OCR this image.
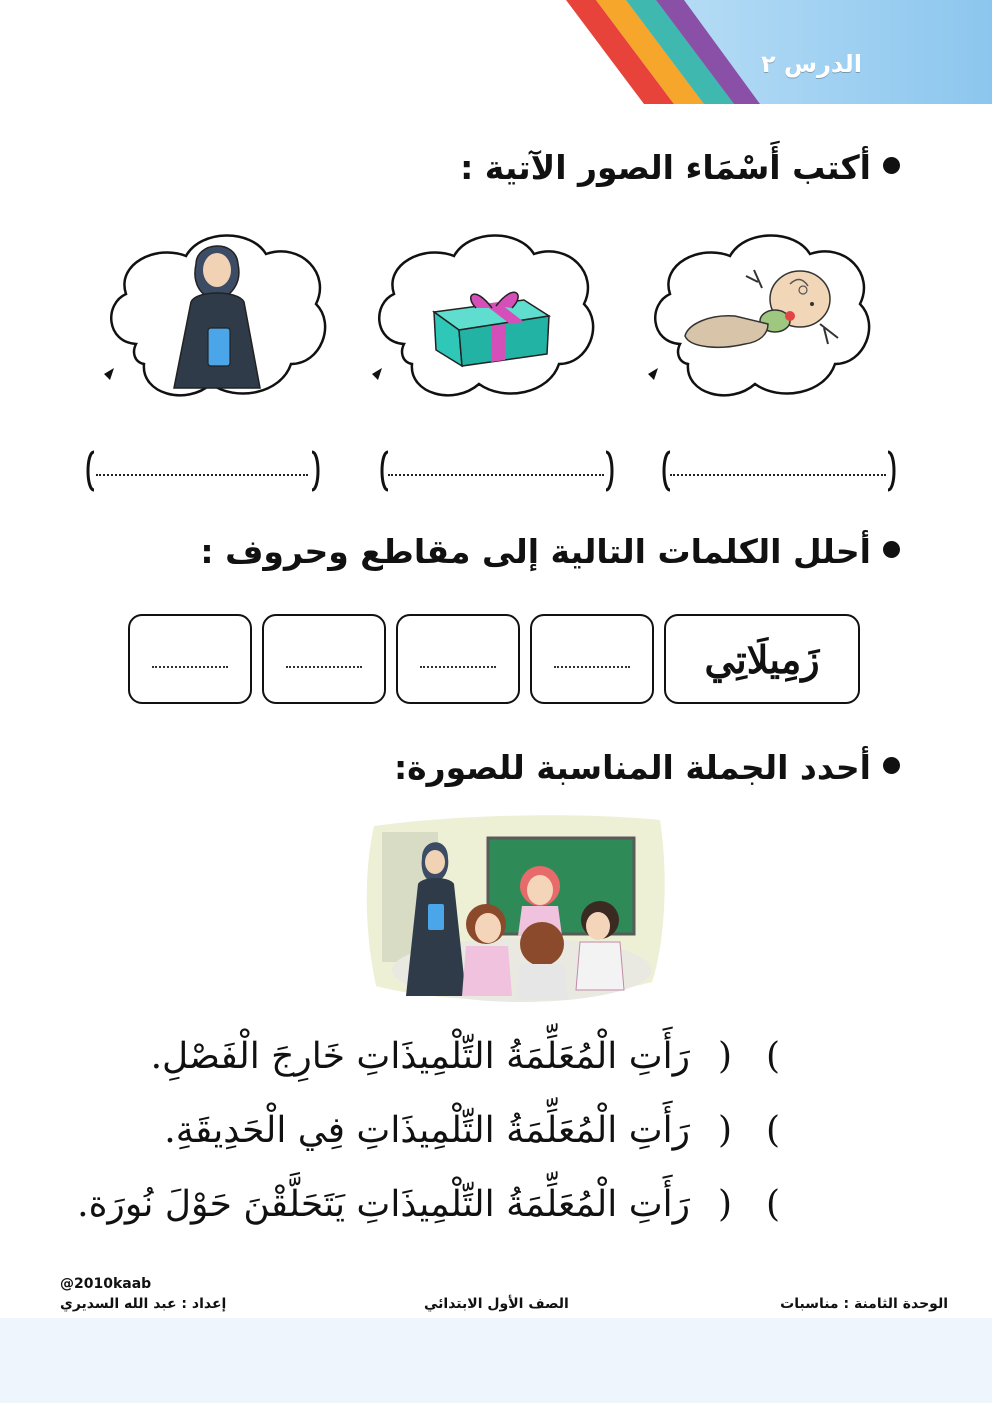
الدرس ٢
أكتب أَسْمَاء الصور الآتية :
أحلل الكلمات التالية إلى مقاطع وحروف :
زَمِيلَاتِي
أحدد الجملة المناسبة للصورة:
(
)
رَأَتِ الْمُعَلِّمَةُ التِّلْمِيذَاتِ خَارِجَ الْفَصْلِ.
(
)
رَأَتِ الْمُعَلِّمَةُ التِّلْمِيذَاتِ فِي الْحَدِيقَةِ.
(
)
رَأَتِ الْمُعَلِّمَةُ التِّلْمِيذَاتِ يَتَحَلَّقْنَ حَوْلَ نُورَة.
@2010kaab
إعداد : عبد الله السديري	الصف الأول الابتدائي	الوحدة الثامنة : مناسبات
